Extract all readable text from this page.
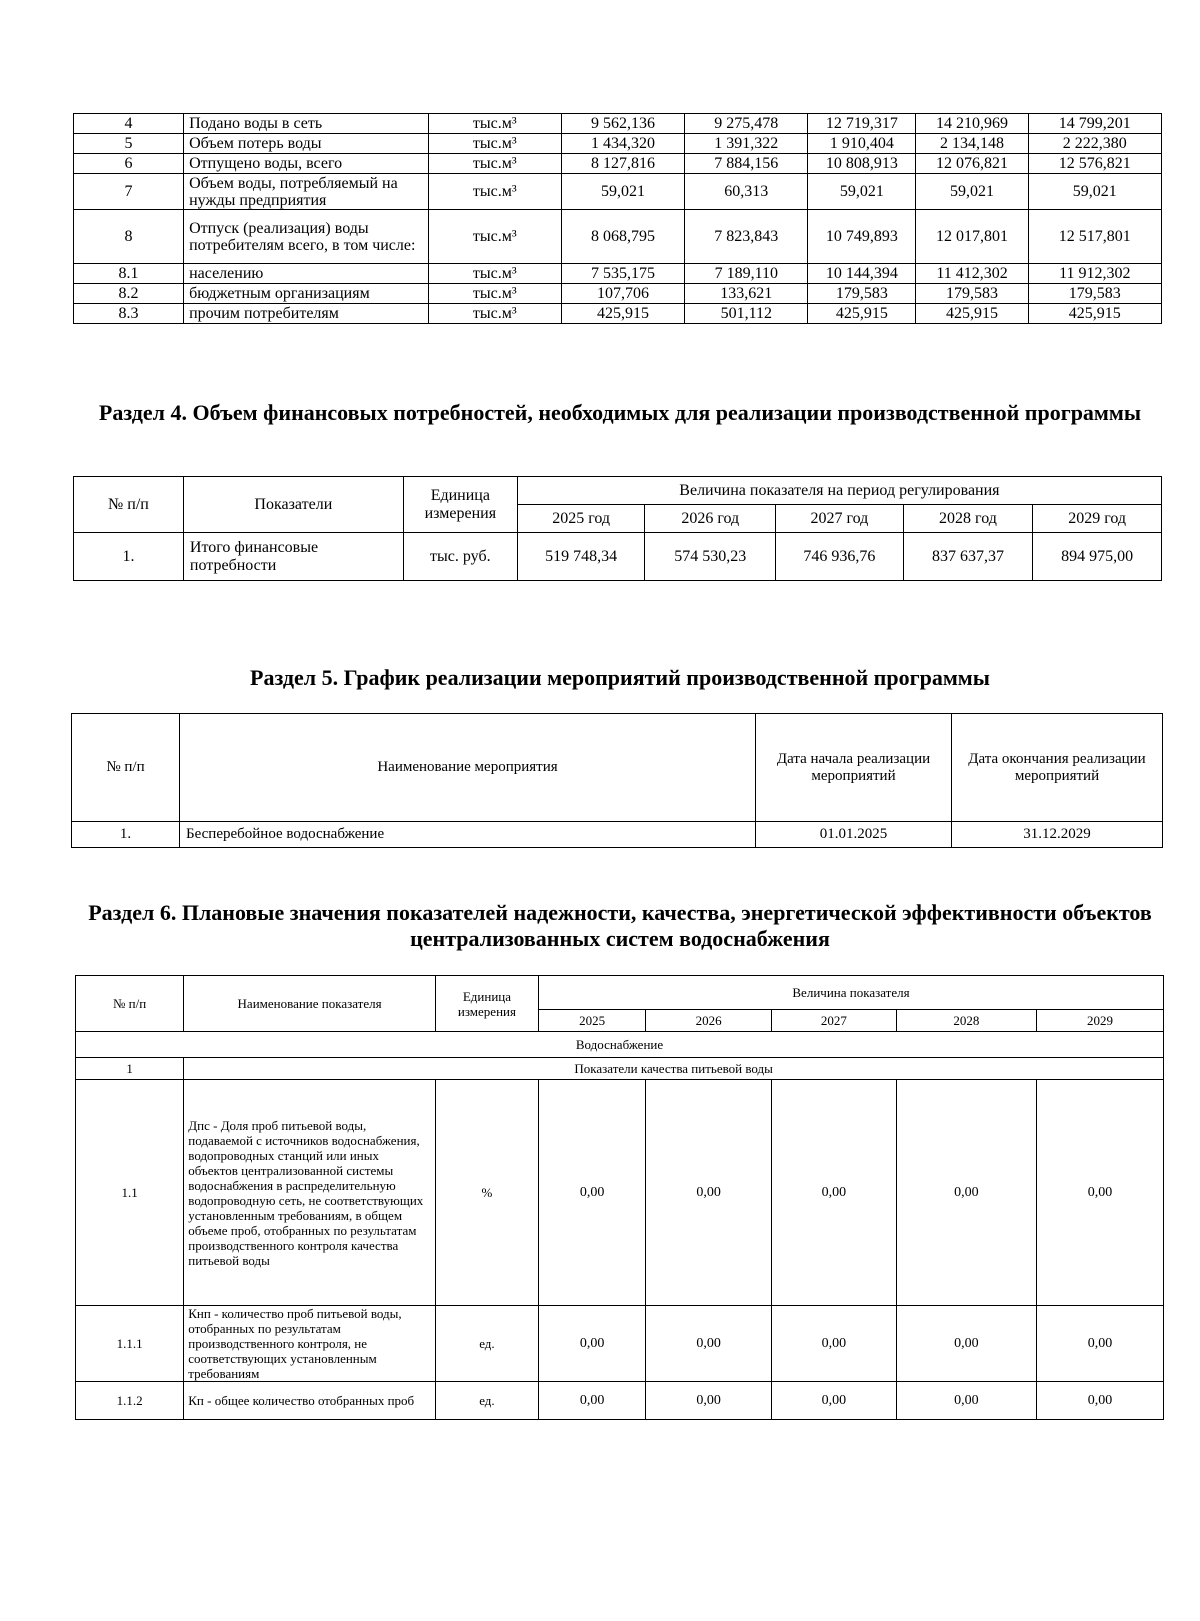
4	Подано воды в сеть	тыс.м³	9 562,136	9 275,478	12 719,317	14 210,969	14 799,201
5	Объем потерь воды	тыс.м³	1 434,320	1 391,322	1 910,404	2 134,148	2 222,380
6	Отпущено воды, всего	тыс.м³	8 127,816	7 884,156	10 808,913	12 076,821	12 576,821
7	Объем воды, потребляемый на нужды предприятия	тыс.м³	59,021	60,313	59,021	59,021	59,021
8	Отпуск (реализация) воды потребителям всего, в том числе:	тыс.м³	8 068,795	7 823,843	10 749,893	12 017,801	12 517,801
8.1	населению	тыс.м³	7 535,175	7 189,110	10 144,394	11 412,302	11 912,302
8.2	бюджетным организациям	тыс.м³	107,706	133,621	179,583	179,583	179,583
8.3	прочим потребителям	тыс.м³	425,915	501,112	425,915	425,915	425,915
Раздел 4. Объем финансовых потребностей, необходимых для реализации производственной программы
№ п/п	Показатели	Единица измерения	Величина показателя на период регулирования				
			2025 год	2026 год	2027 год	2028 год	2029 год
1.	Итого финансовые потребности	тыс. руб.	519 748,34	574 530,23	746 936,76	837 637,37	894 975,00
Раздел 5. График реализации мероприятий производственной программы
№ п/п	Наименование мероприятия	Дата начала реализации мероприятий	Дата окончания реализации мероприятий
1.	Бесперебойное водоснабжение	01.01.2025	31.12.2029
Раздел 6. Плановые значения показателей надежности, качества, энергетической эффективности объектов централизованных систем водоснабжения
№ п/п	Наименование показателя	Единица измерения	Величина показателя				
			2025	2026	2027	2028	2029
Водоснабжение							
1	Показатели качества питьевой воды						
1.1	Дпс - Доля проб питьевой воды, подаваемой с источников водоснабжения, водопроводных станций или иных объектов централизованной системы водоснабжения в распределительную водопроводную сеть, не соответствующих установленным требованиям, в общем объеме проб, отобранных по результатам производственного контроля качества питьевой воды	%	0,00	0,00	0,00	0,00	0,00
1.1.1	Кнп - количество проб питьевой воды, отобранных по результатам производственного контроля, не соответствующих установленным требованиям	ед.	0,00	0,00	0,00	0,00	0,00
1.1.2	Кп - общее количество отобранных проб	ед.	0,00	0,00	0,00	0,00	0,00
